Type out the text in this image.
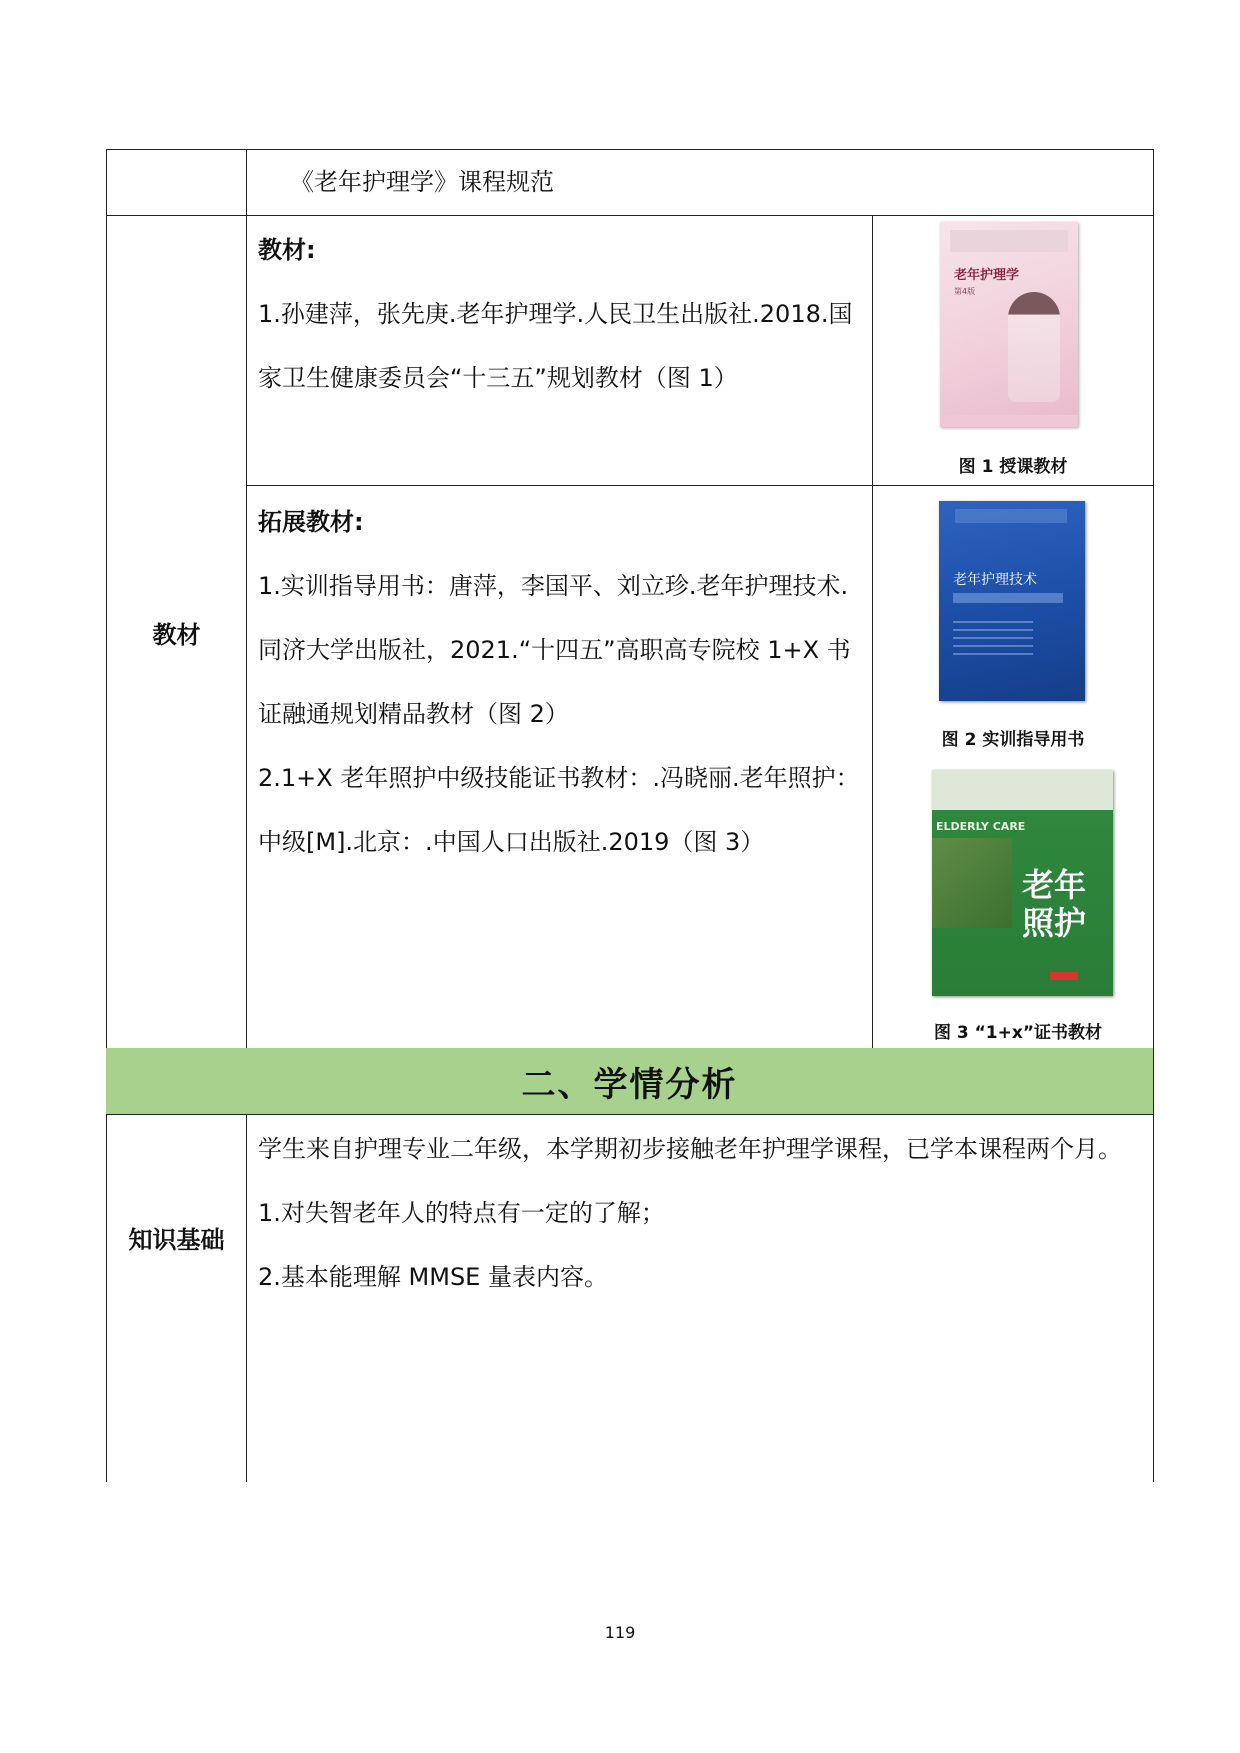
《老年护理学》课程规范
教材
教材:
1.孙建萍，张先庚.老年护理学.人民卫生出版社.2018.国家卫生健康委员会“十三五”规划教材（图 1）
老年护理学
第4版
图 1 授课教材
拓展教材:
1.实训指导用书：唐萍，李国平、刘立珍.老年护理技术.同济大学出版社，2021.“十四五”高职高专院校 1+X 书证融通规划精品教材（图 2）
2.1+X 老年照护中级技能证书教材：.冯晓丽.老年照护：中级[M].北京：.中国人口出版社.2019（图 3）
老年护理技术
图 2 实训指导用书
ELDERLY CARE
老年
照护
图 3 “1+x”证书教材
二、学情分析
知识基础
学生来自护理专业二年级，本学期初步接触老年护理学课程，已学本课程两个月。
1.对失智老年人的特点有一定的了解；
2.基本能理解 MMSE 量表内容。
119
